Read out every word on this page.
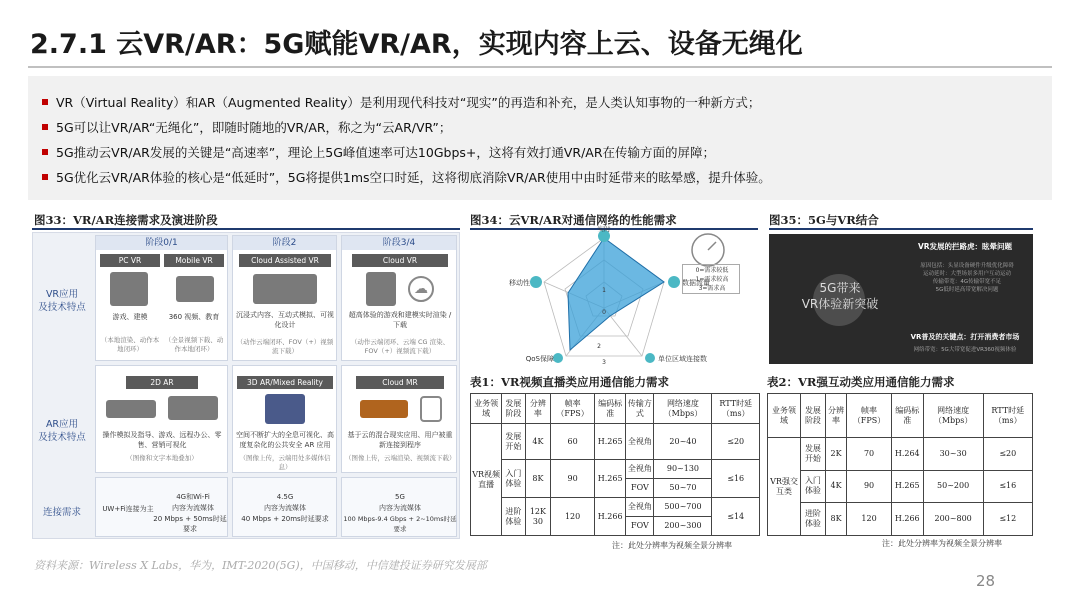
2.7.1 云VR/AR：5G赋能VR/AR，实现内容上云、设备无绳化
VR（Virtual Reality）和AR（Augmented Reality）是利用现代科技对“现实”的再造和补充，是人类认知事物的一种新方式；
5G可以让VR/AR“无绳化”，即随时随地的VR/AR，称之为“云AR/VR”；
5G推动云VR/AR发展的关键是“高速率”，理论上5G峰值速率可达10Gbps+，这将有效打通VR/AR在传输方面的屏障；
5G优化云VR/AR体验的核心是“低延时”，5G将提供1ms空口时延，这将彻底消除VR/AR使用中由时延带来的眩晕感，提升体验。
图33：VR/AR连接需求及演进阶段	图34：云VR/AR对通信网络的性能需求	图35：5G与VR结合
VR应用
及技术特点
AR应用
及技术特点
连接需求
阶段0/1
PC VR	Mobile VR
游戏、建模	360 视频、教育
（本地渲染、动作本地闭环）
（全景视频下载、动作本地闭环）
阶段2
Cloud Assisted VR
沉浸式内容、互动式模拟、可视化设计
（动作云端闭环、FOV（+）视频流下载）
阶段3/4
Cloud VR
☁
超高体验的游戏和建模实时渲染 / 下载
（动作云端闭环、云端 CG 渲染、FOV（+）视频流下载）
2D AR
操作模拟及指导、游戏、远程办公、零售、营销可视化
（图像和文字本地叠加）
3D AR/Mixed Reality
空间不断扩大的全息可视化、高度复杂化的公共安全 AR 应用
（图像上传，云端用处多媒体信息）
Cloud MR
基于云的混合现实应用、用户被重新连接到程序
（图像上传，云端渲染、视频流下载）
UW+Fi连接为主
4G和Wi-Fi
内容为流媒体
20 Mbps + 50ms时延要求
4.5G
内容为流媒体
40 Mbps + 20ms时延要求
5G
内容为流媒体
100 Mbps-9.4 Gbps + 2~10ms时延要求
实时
数据流量
单位区域连接数
QoS保障
移动性
0
1
2
3
0=需求较低
1=需求较高
3=需求高
VR发展的拦路虎：眩晕问题
原因包括：头显设备硬件升级优化障碍
运动延时：大型场景多用户互动运动
传输带宽：4G传输带宽不足
5G低时延高带宽解决问题
5G带来
VR体验新突破
VR普及的关键点：打开消费者市场
网络带宽：5G大带宽促进VR360视频体验
表1：VR视频直播类应用通信能力需求	表2：VR强互动类应用通信能力需求
业务领域	发展阶段	分辨率	帧率（FPS）	编码标准	传输方式	网络速度（Mbps）	RTT时延（ms）
VR视频直播	发展开始	4K	60	H.265	全视角	20~40	≤20
	入门体验	8K	90	H.265	全视角	90~130	≤16
					FOV	50~70	
	进阶体验	12K 30	120	H.266	全视角	500~700	≤14
					FOV	200~300	
注：此处分辨率为视频全景分辨率
业务领域	发展阶段	分辨率	帧率（FPS）	编码标准	网络速度（Mbps）	RTT时延（ms）
VR强交互类	发展开始	2K	70	H.264	30~30	≤20
	入门体验	4K	90	H.265	50~200	≤16
	进阶体验	8K	120	H.266	200~800	≤12
注：此处分辨率为视频全景分辨率
资料来源：Wireless X Labs，华为，IMT-2020(5G)，中国移动，中信建投证券研究发展部
28
